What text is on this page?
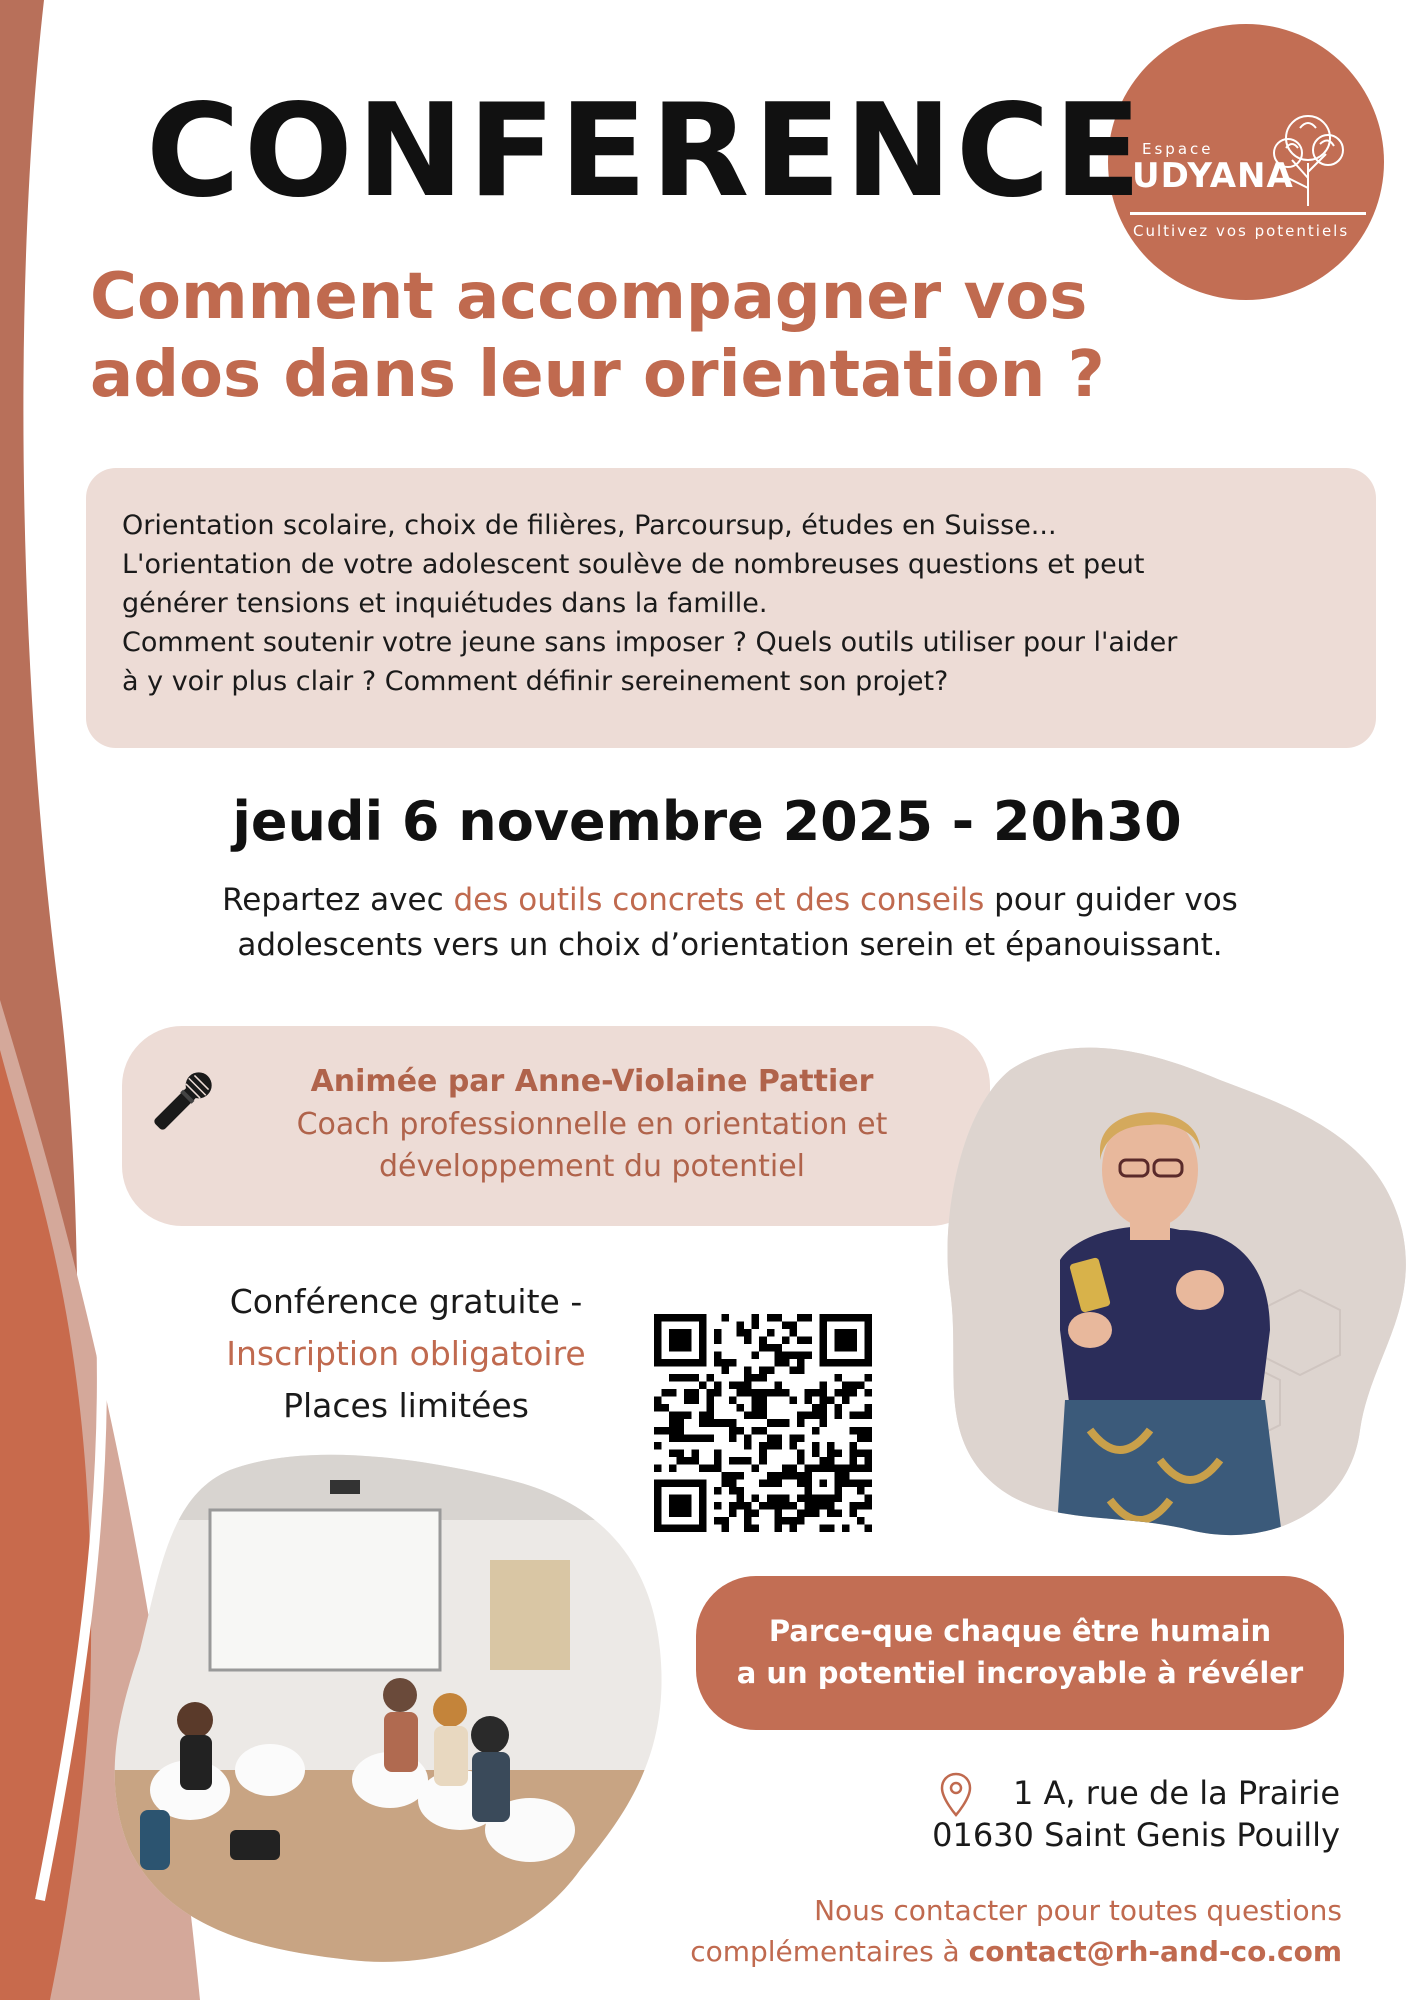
Espace
UDYANA
Cultivez vos potentiels
CONFERENCE
Comment accompagner vos
ados dans leur orientation ?

Orientation scolaire, choix de filières, Parcoursup, études en Suisse...

L'orientation de votre adolescent soulève de nombreuses questions et peut

générer tensions et inquiétudes dans la famille.

Comment soutenir votre jeune sans imposer ? Quels outils utiliser pour l'aider

à y voir plus clair ? Comment définir sereinement son projet?

jeudi 6 novembre 2025 - 20h30
Repartez avec des outils concrets et des conseils pour guider vos
adolescents vers un choix d’orientation serein et épanouissant.
Animée par Anne-Violaine Pattier
Coach professionnelle en orientation et
développement du potentiel
Conférence gratuite -
Inscription obligatoire
Places limitées
Parce-que chaque être humain
a un potentiel incroyable à révéler
1 A, rue de la Prairie
01630 Saint Genis Pouilly
Nous contacter pour toutes questions
complémentaires à contact@rh-and-co.com
